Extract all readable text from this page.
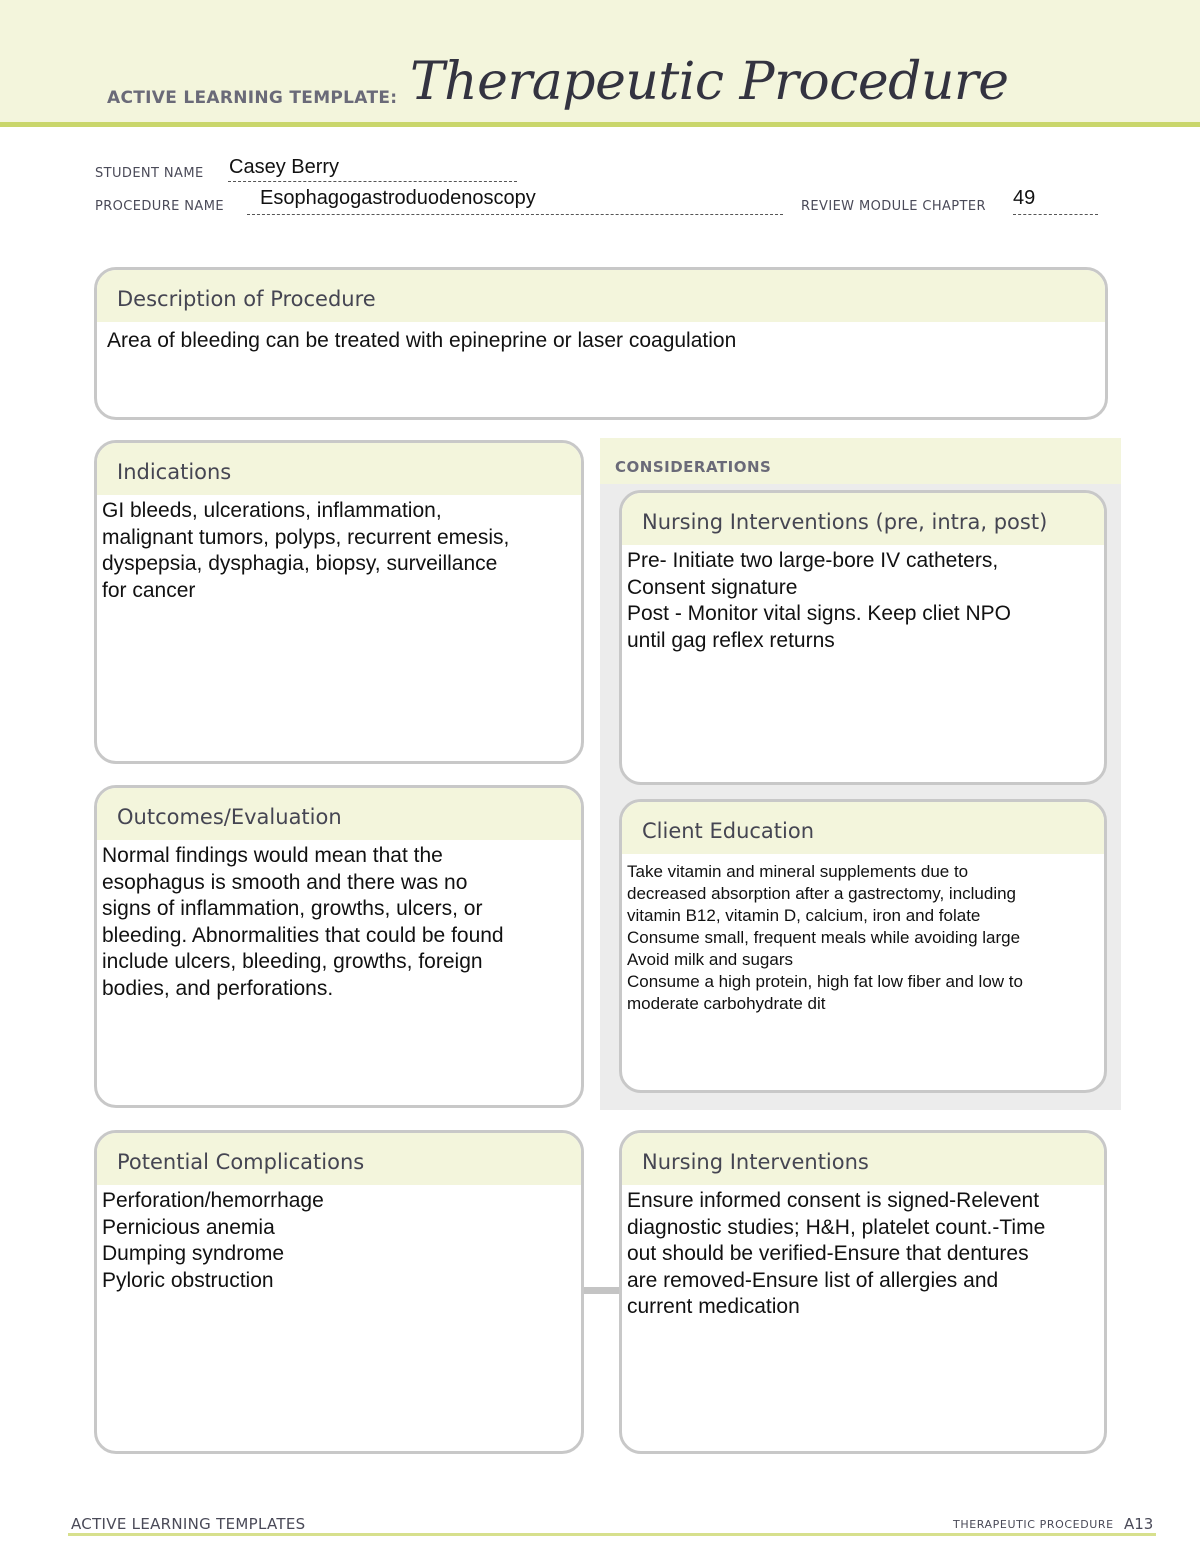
ACTIVE LEARNING TEMPLATE: Therapeutic Procedure
STUDENT NAME Casey Berry
PROCEDURE NAME Esophagogastroduodenoscopy	REVIEW MODULE CHAPTER 49
Description of Procedure
Area of bleeding can be treated with epineprine or laser coagulation
CONSIDERATIONS
Indications
GI bleeds, ulcerations, inflammation,
malignant tumors, polyps, recurrent emesis,
dyspepsia, dysphagia, biopsy, surveillance
for cancer
Nursing Interventions (pre, intra, post)
Pre- Initiate two large-bore IV catheters,
Consent signature
Post - Monitor vital signs. Keep cliet NPO
until gag reflex returns
Outcomes/Evaluation
Normal findings would mean that the
esophagus is smooth and there was no
signs of inflammation, growths, ulcers, or
bleeding. Abnormalities that could be found
include ulcers, bleeding, growths, foreign
bodies, and perforations.
Client Education
Take vitamin and mineral supplements due to
decreased absorption after a gastrectomy, including
vitamin B12, vitamin D, calcium, iron and folate
Consume small, frequent meals while avoiding large
Avoid milk and sugars
Consume a high protein, high fat low fiber and low to
moderate carbohydrate dit
Potential Complications
Perforation/hemorrhage
Pernicious anemia
Dumping syndrome
Pyloric obstruction
Nursing Interventions
Ensure informed consent is signed-Relevent
diagnostic studies; H&H, platelet count.-Time
out should be verified-Ensure that dentures
are removed-Ensure list of allergies and
current medication
ACTIVE LEARNING TEMPLATES	THERAPEUTIC PROCEDURE A13
